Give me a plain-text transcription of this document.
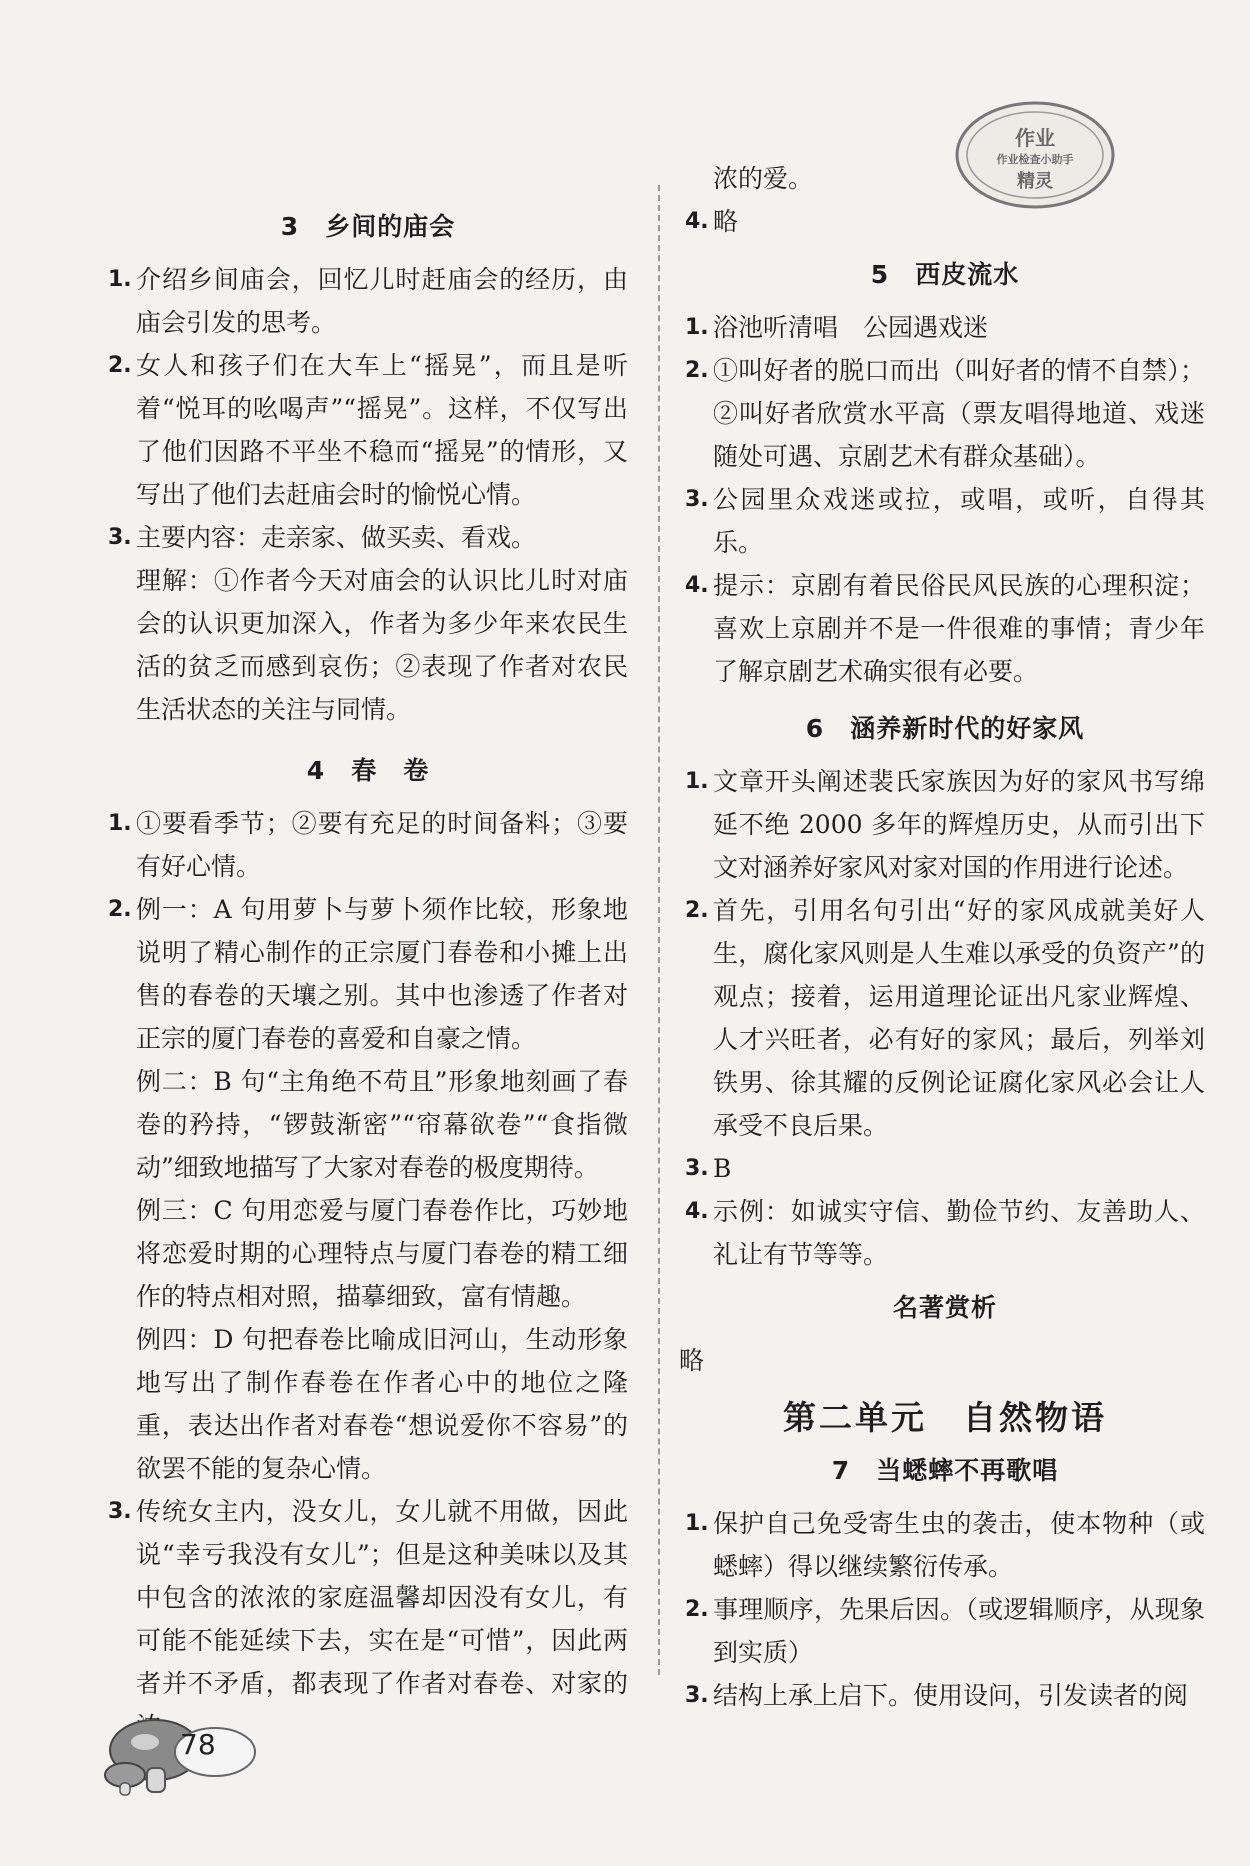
作业
作业检查小助手
精灵
3　乡间的庙会
1. 介绍乡间庙会，回忆儿时赶庙会的经历，由庙会引发的思考。
2. 女人和孩子们在大车上“摇晃”，而且是听着“悦耳的吆喝声”“摇晃”。这样，不仅写出了他们因路不平坐不稳而“摇晃”的情形，又写出了他们去赶庙会时的愉悦心情。
3. 主要内容：走亲家、做买卖、看戏。
理解：①作者今天对庙会的认识比儿时对庙会的认识更加深入，作者为多少年来农民生活的贫乏而感到哀伤；②表现了作者对农民生活状态的关注与同情。
4　春　卷
1. ①要看季节；②要有充足的时间备料；③要有好心情。
2. 例一：A 句用萝卜与萝卜须作比较，形象地说明了精心制作的正宗厦门春卷和小摊上出售的春卷的天壤之别。其中也渗透了作者对正宗的厦门春卷的喜爱和自豪之情。
例二：B 句“主角绝不苟且”形象地刻画了春卷的矜持，“锣鼓渐密”“帘幕欲卷”“食指微动”细致地描写了大家对春卷的极度期待。
例三：C 句用恋爱与厦门春卷作比，巧妙地将恋爱时期的心理特点与厦门春卷的精工细作的特点相对照，描摹细致，富有情趣。
例四：D 句把春卷比喻成旧河山，生动形象地写出了制作春卷在作者心中的地位之隆重，表达出作者对春卷“想说爱你不容易”的欲罢不能的复杂心情。
3. 传统女主内，没女儿，女儿就不用做，因此说“幸亏我没有女儿”；但是这种美味以及其中包含的浓浓的家庭温馨却因没有女儿，有可能不能延续下去，实在是“可惜”，因此两者并不矛盾，都表现了作者对春卷、对家的
浓的爱。
4. 略
5　西皮流水
1. 浴池听清唱　公园遇戏迷
2. ①叫好者的脱口而出（叫好者的情不自禁）；②叫好者欣赏水平高（票友唱得地道、戏迷随处可遇、京剧艺术有群众基础）。
3. 公园里众戏迷或拉，或唱，或听，自得其乐。
4. 提示：京剧有着民俗民风民族的心理积淀；喜欢上京剧并不是一件很难的事情；青少年了解京剧艺术确实很有必要。
6　涵养新时代的好家风
1. 文章开头阐述裴氏家族因为好的家风书写绵延不绝 2000 多年的辉煌历史，从而引出下文对涵养好家风对家对国的作用进行论述。
2. 首先，引用名句引出“好的家风成就美好人生，腐化家风则是人生难以承受的负资产”的观点；接着，运用道理论证出凡家业辉煌、人才兴旺者，必有好的家风；最后，列举刘铁男、徐其耀的反例论证腐化家风必会让人承受不良后果。
3. B
4. 示例：如诚实守信、勤俭节约、友善助人、礼让有节等等。
名著赏析
略
第二单元　自然物语
7　当蟋蟀不再歌唱
1. 保护自己免受寄生虫的袭击，使本物种（或蟋蟀）得以继续繁衍传承。
2. 事理顺序，先果后因。（或逻辑顺序，从现象到实质）
3. 结构上承上启下。使用设问，引发读者的阅
78
